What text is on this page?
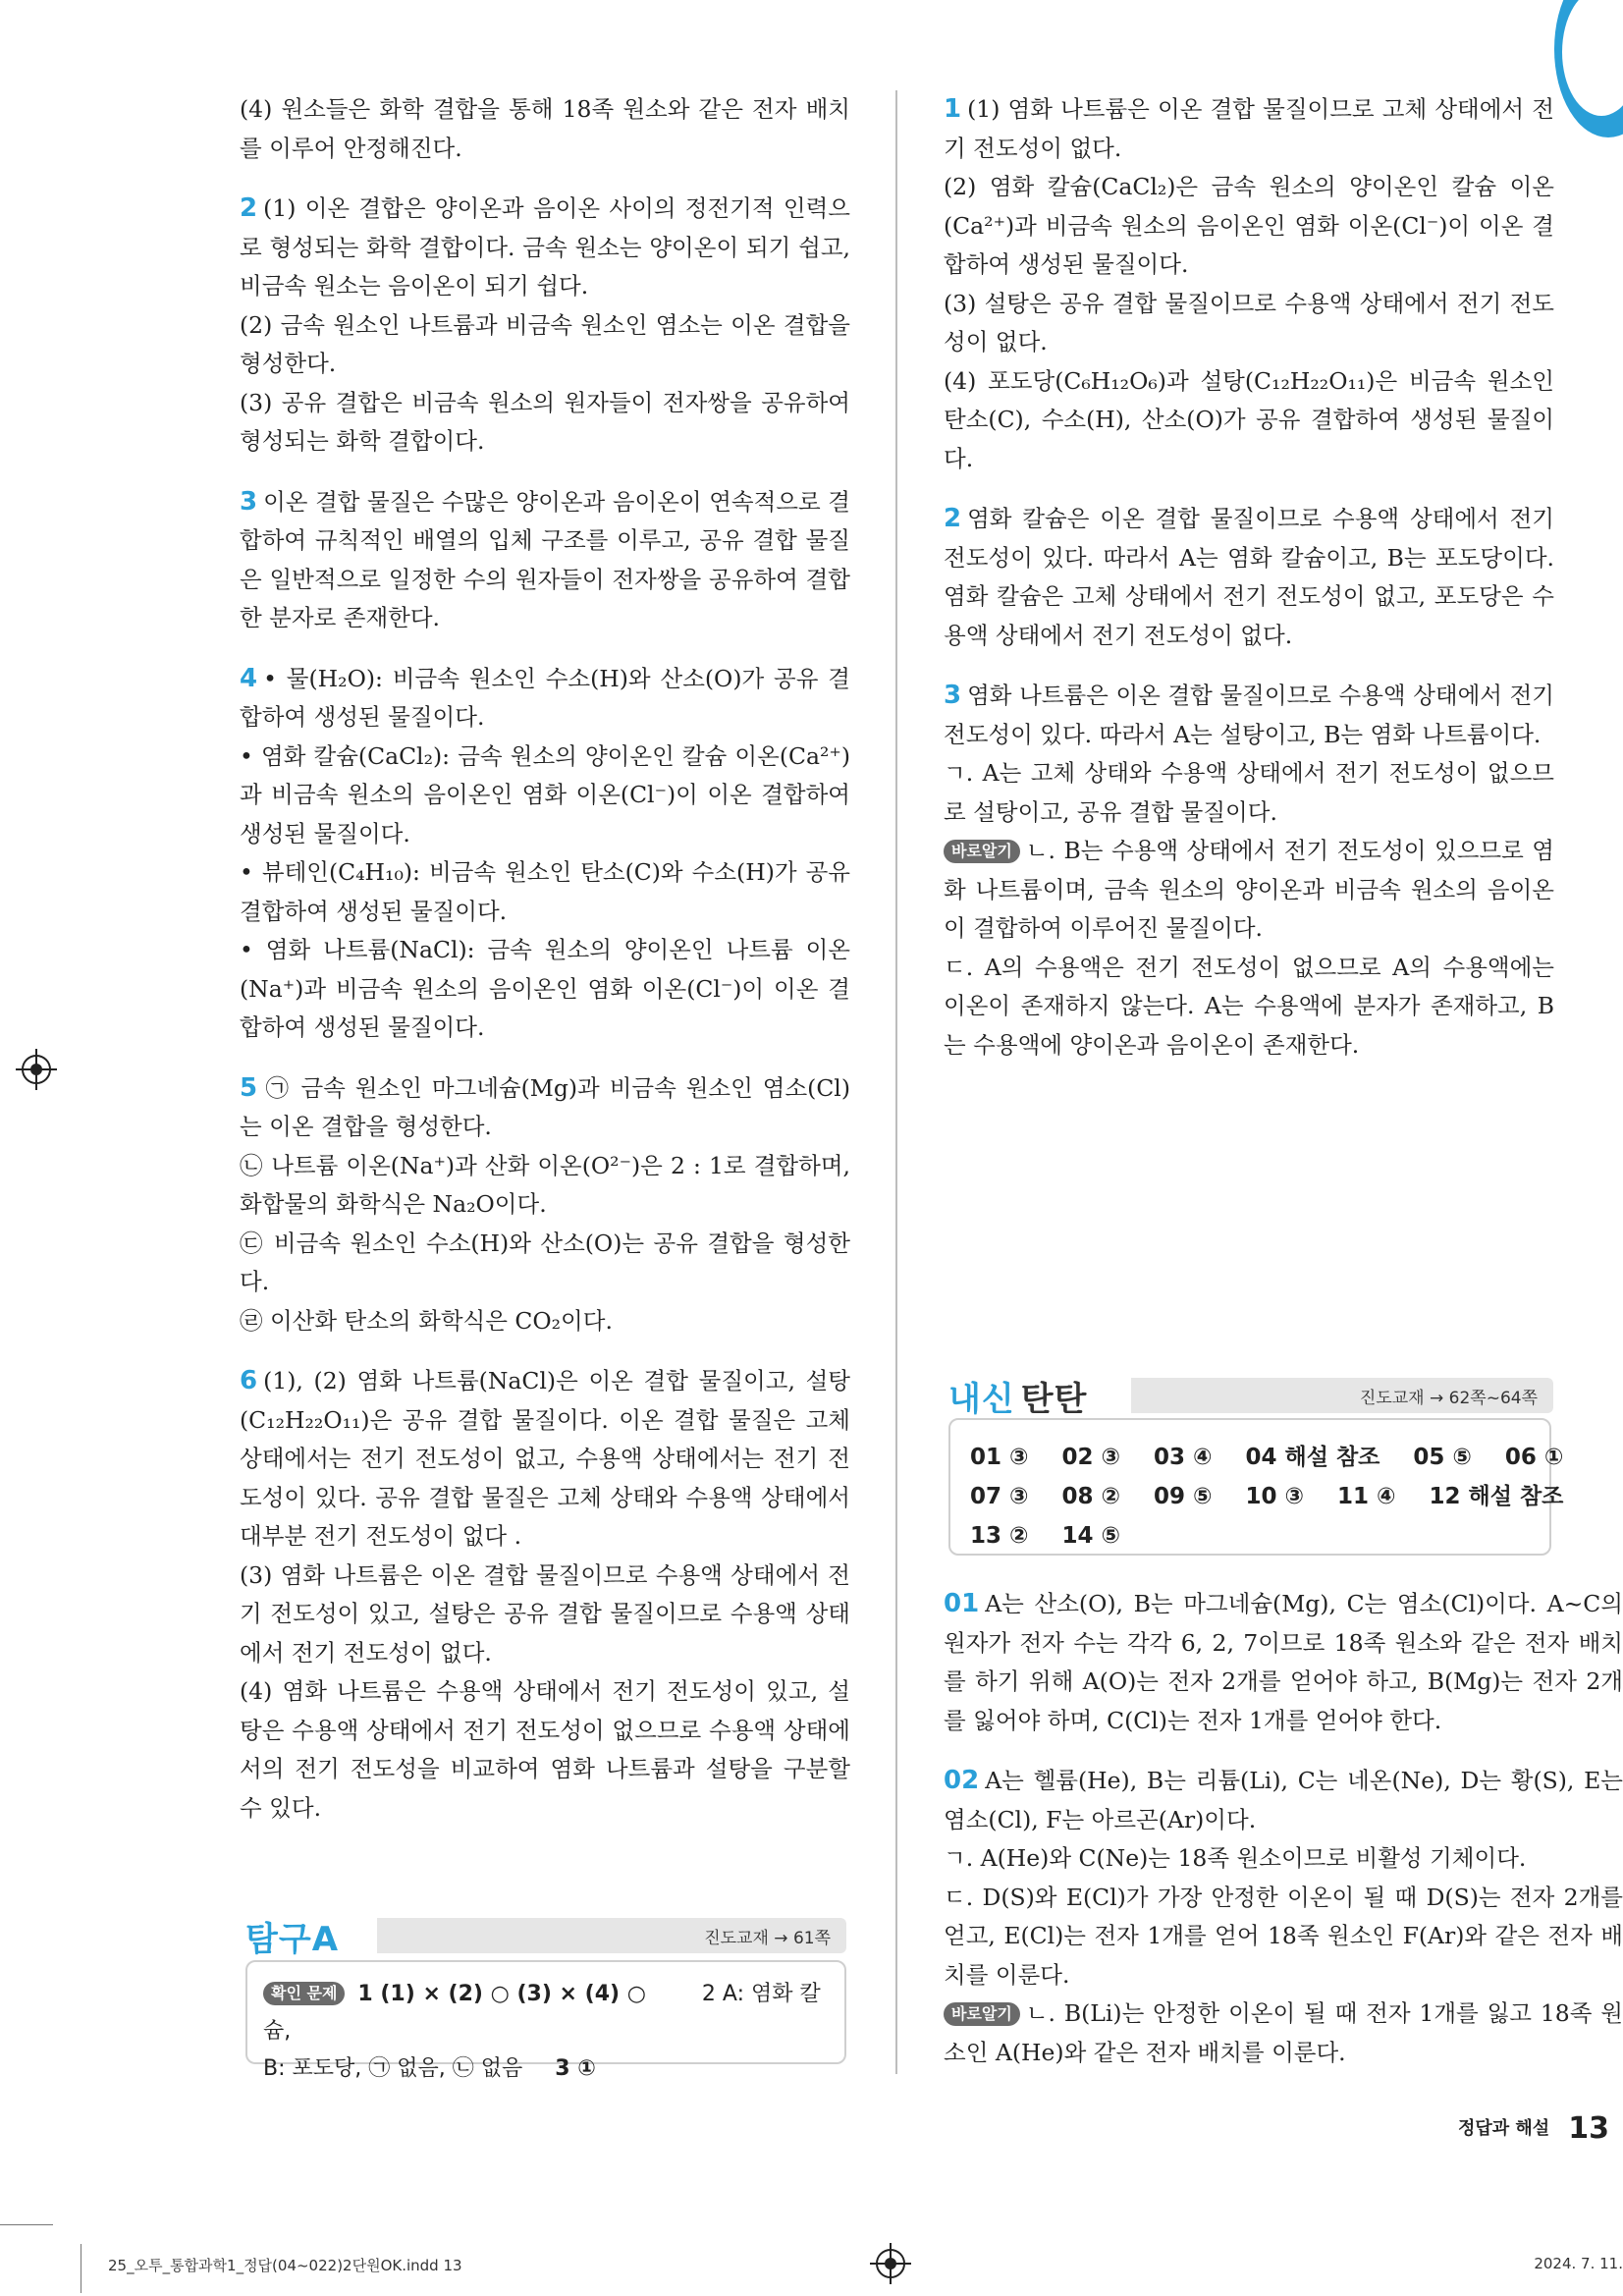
(4) 원소들은 화학 결합을 통해 18족 원소와 같은 전자 배치를 이루어 안정해진다.
2 (1) 이온 결합은 양이온과 음이온 사이의 정전기적 인력으로 형성되는 화학 결합이다. 금속 원소는 양이온이 되기 쉽고, 비금속 원소는 음이온이 되기 쉽다.
(2) 금속 원소인 나트륨과 비금속 원소인 염소는 이온 결합을 형성한다.
(3) 공유 결합은 비금속 원소의 원자들이 전자쌍을 공유하여 형성되는 화학 결합이다.
3 이온 결합 물질은 수많은 양이온과 음이온이 연속적으로 결합하여 규칙적인 배열의 입체 구조를 이루고, 공유 결합 물질은 일반적으로 일정한 수의 원자들이 전자쌍을 공유하여 결합한 분자로 존재한다.
4 • 물(H₂O): 비금속 원소인 수소(H)와 산소(O)가 공유 결합하여 생성된 물질이다.
• 염화 칼슘(CaCl₂): 금속 원소의 양이온인 칼슘 이온(Ca²⁺)과 비금속 원소의 음이온인 염화 이온(Cl⁻)이 이온 결합하여 생성된 물질이다.
• 뷰테인(C₄H₁₀): 비금속 원소인 탄소(C)와 수소(H)가 공유 결합하여 생성된 물질이다.
• 염화 나트륨(NaCl): 금속 원소의 양이온인 나트륨 이온(Na⁺)과 비금속 원소의 음이온인 염화 이온(Cl⁻)이 이온 결합하여 생성된 물질이다.
5 ㉠ 금속 원소인 마그네슘(Mg)과 비금속 원소인 염소(Cl)는 이온 결합을 형성한다.
㉡ 나트륨 이온(Na⁺)과 산화 이온(O²⁻)은 2 : 1로 결합하며, 화합물의 화학식은 Na₂O이다.
㉢ 비금속 원소인 수소(H)와 산소(O)는 공유 결합을 형성한다.
㉣ 이산화 탄소의 화학식은 CO₂이다.
6 (1), (2) 염화 나트륨(NaCl)은 이온 결합 물질이고, 설탕(C₁₂H₂₂O₁₁)은 공유 결합 물질이다. 이온 결합 물질은 고체 상태에서는 전기 전도성이 없고, 수용액 상태에서는 전기 전도성이 있다. 공유 결합 물질은 고체 상태와 수용액 상태에서 대부분 전기 전도성이 없다 .
(3) 염화 나트륨은 이온 결합 물질이므로 수용액 상태에서 전기 전도성이 있고, 설탕은 공유 결합 물질이므로 수용액 상태에서 전기 전도성이 없다.
(4) 염화 나트륨은 수용액 상태에서 전기 전도성이 있고, 설탕은 수용액 상태에서 전기 전도성이 없으므로 수용액 상태에서의 전기 전도성을 비교하여 염화 나트륨과 설탕을 구분할 수 있다.
1 (1) 염화 나트륨은 이온 결합 물질이므로 고체 상태에서 전기 전도성이 없다.
(2) 염화 칼슘(CaCl₂)은 금속 원소의 양이온인 칼슘 이온(Ca²⁺)과 비금속 원소의 음이온인 염화 이온(Cl⁻)이 이온 결합하여 생성된 물질이다.
(3) 설탕은 공유 결합 물질이므로 수용액 상태에서 전기 전도성이 없다.
(4) 포도당(C₆H₁₂O₆)과 설탕(C₁₂H₂₂O₁₁)은 비금속 원소인 탄소(C), 수소(H), 산소(O)가 공유 결합하여 생성된 물질이다.
2 염화 칼슘은 이온 결합 물질이므로 수용액 상태에서 전기 전도성이 있다. 따라서 A는 염화 칼슘이고, B는 포도당이다. 염화 칼슘은 고체 상태에서 전기 전도성이 없고, 포도당은 수용액 상태에서 전기 전도성이 없다.
3 염화 나트륨은 이온 결합 물질이므로 수용액 상태에서 전기 전도성이 있다. 따라서 A는 설탕이고, B는 염화 나트륨이다.
ㄱ. A는 고체 상태와 수용액 상태에서 전기 전도성이 없으므로 설탕이고, 공유 결합 물질이다.
바로알기 ㄴ. B는 수용액 상태에서 전기 전도성이 있으므로 염화 나트륨이며, 금속 원소의 양이온과 비금속 원소의 음이온이 결합하여 이루어진 물질이다.
ㄷ. A의 수용액은 전기 전도성이 없으므로 A의 수용액에는 이온이 존재하지 않는다. A는 수용액에 분자가 존재하고, B는 수용액에 양이온과 음이온이 존재한다.
01 A는 산소(O), B는 마그네슘(Mg), C는 염소(Cl)이다. A~C의 원자가 전자 수는 각각 6, 2, 7이므로 18족 원소와 같은 전자 배치를 하기 위해 A(O)는 전자 2개를 얻어야 하고, B(Mg)는 전자 2개를 잃어야 하며, C(Cl)는 전자 1개를 얻어야 한다.
02 A는 헬륨(He), B는 리튬(Li), C는 네온(Ne), D는 황(S), E는 염소(Cl), F는 아르곤(Ar)이다.
ㄱ. A(He)와 C(Ne)는 18족 원소이므로 비활성 기체이다.
ㄷ. D(S)와 E(Cl)가 가장 안정한 이온이 될 때 D(S)는 전자 2개를 얻고, E(Cl)는 전자 1개를 얻어 18족 원소인 F(Ar)와 같은 전자 배치를 이룬다.
바로알기 ㄴ. B(Li)는 안정한 이온이 될 때 전자 1개를 잃고 18족 원소인 A(He)와 같은 전자 배치를 이룬다.
내신 탄탄	진도교재 → 62쪽~64쪽
01 ③ 02 ③ 03 ④ 04 해설 참조 05 ⑤ 06 ①
07 ③ 08 ② 09 ⑤ 10 ③ 11 ④ 12 해설 참조
13 ② 14 ⑤
탐구A	진도교재 → 61쪽
확인 문제 1 (1) × (2) ○ (3) × (4) ○	2 A: 염화 칼슘,
B: 포도당, ㉠ 없음, ㉡ 없음 3 ①
정답과 해설 13
25_오투_통합과학1_정답(04~022)2단원OK.indd 13	2024. 7. 11.
